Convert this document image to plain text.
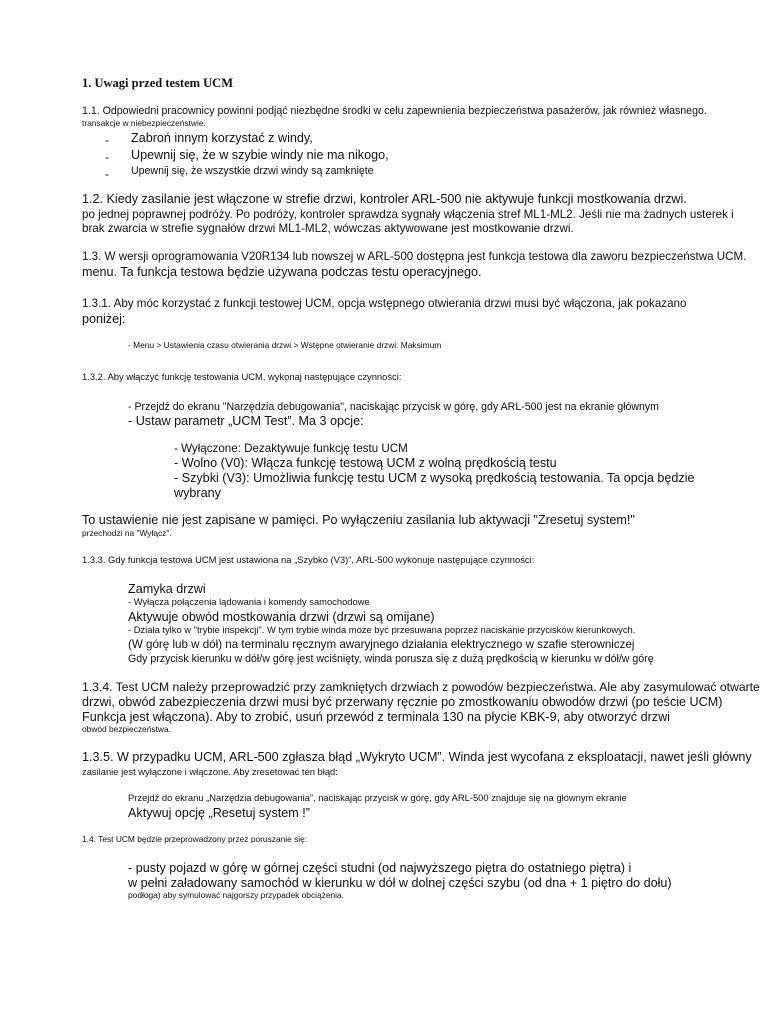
1. Uwagi przed testem UCM
1.1. Odpowiedni pracownicy powinni podjąć niezbędne środki w celu zapewnienia bezpieczeństwa pasażerów, jak również własnego.
transakcje w niebezpieczeństwie.
- Zabroń innym korzystać z windy,
- Upewnij się, że w szybie windy nie ma nikogo,
- Upewnij się, że wszystkie drzwi windy są zamknięte
1.2. Kiedy zasilanie jest włączone w strefie drzwi, kontroler ARL-500 nie aktywuje funkcji mostkowania drzwi.
po jednej poprawnej podróży. Po podróży, kontroler sprawdza sygnały włączenia stref ML1-ML2. Jeśli nie ma żadnych usterek i
brak zwarcia w strefie sygnałów drzwi ML1-ML2, wówczas aktywowane jest mostkowanie drzwi.
1.3. W wersji oprogramowania V20R134 lub nowszej w ARL-500 dostępna jest funkcja testowa dla zaworu bezpieczeństwa UCM.
menu. Ta funkcja testowa będzie używana podczas testu operacyjnego.
1.3.1. Aby móc korzystać z funkcji testowej UCM, opcja wstępnego otwierania drzwi musi być włączona, jak pokazano
poniżej:
- Menu > Ustawienia czasu otwierania drzwi > Wstępne otwieranie drzwi: Maksimum
1.3.2. Aby włączyć funkcję testowania UCM, wykonaj następujące czynności:
- Przejdź do ekranu "Narzędzia debugowania", naciskając przycisk w górę, gdy ARL-500 jest na ekranie głównym
- Ustaw parametr „UCM Test”. Ma 3 opcje:
- Wyłączone: Dezaktywuje funkcję testu UCM
- Wolno (V0): Włącza funkcję testową UCM z wolną prędkością testu
- Szybki (V3): Umożliwia funkcję testu UCM z wysoką prędkością testowania. Ta opcja będzie
wybrany
To ustawienie nie jest zapisane w pamięci. Po wyłączeniu zasilania lub aktywacji "Zresetuj system!"
przechodzi na "Wyłącz".
1.3.3. Gdy funkcja testowa UCM jest ustawiona na „Szybko (V3)”, ARL-500 wykonuje następujące czynności:
Zamyka drzwi
- Wyłącza połączenia lądowania i komendy samochodowe
Aktywuje obwód mostkowania drzwi (drzwi są omijane)
- Działa tylko w "trybie inspekcji". W tym trybie winda może być przesuwana poprzez naciskanie przycisków kierunkowych.
(W górę lub w dół) na terminalu ręcznym awaryjnego działania elektrycznego w szafie sterowniczej
Gdy przycisk kierunku w dół/w górę jest wciśnięty, winda porusza się z dużą prędkością w kierunku w dół/w górę
1.3.4. Test UCM należy przeprowadzić przy zamkniętych drzwiach z powodów bezpieczeństwa. Ale aby zasymulować otwarte
drzwi, obwód zabezpieczenia drzwi musi być przerwany ręcznie po zmostkowaniu obwodów drzwi (po teście UCM)
Funkcja jest włączona). Aby to zrobić, usuń przewód z terminala 130 na płycie KBK-9, aby otworzyć drzwi
obwód bezpieczeństwa.
1.3.5. W przypadku UCM, ARL-500 zgłasza błąd „Wykryto UCM”. Winda jest wycofana z eksploatacji, nawet jeśli główny
zasilanie jest wyłączone i włączone. Aby zresetować ten błąd:
Przejdź do ekranu „Narzędzia debugowania”, naciskając przycisk w górę, gdy ARL-500 znajduje się na głównym ekranie
Aktywuj opcję „Resetuj system !”
1.4. Test UCM będzie przeprowadzony przez poruszanie się:
- pusty pojazd w górę w górnej części studni (od najwyższego piętra do ostatniego piętra) i
w pełni załadowany samochód w kierunku w dół w dolnej części szybu (od dna + 1 piętro do dołu)
podłoga) aby symulować najgorszy przypadek obciążenia.
